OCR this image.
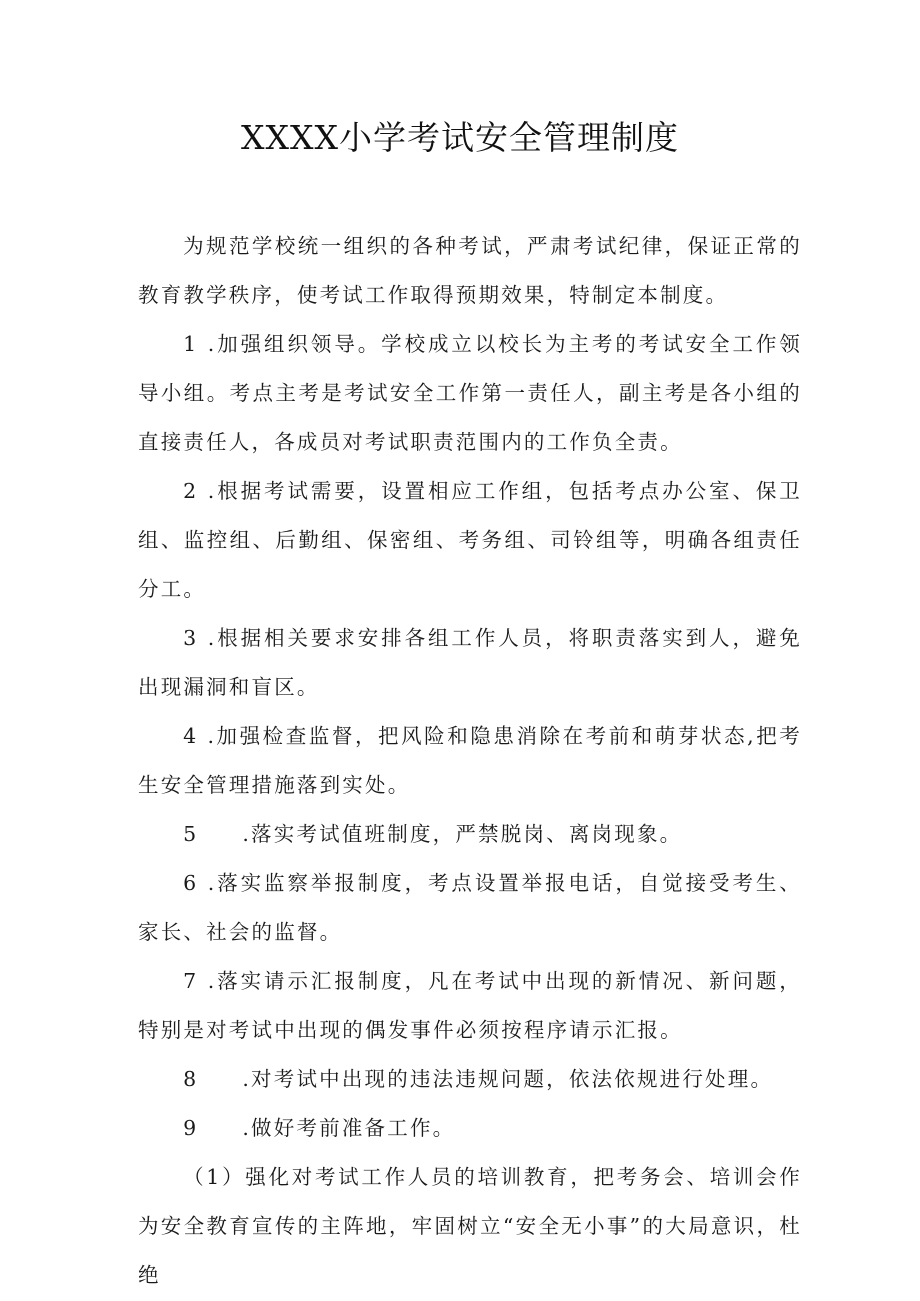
XXXX小学考试安全管理制度

为规范学校统一组织的各种考试，严肃考试纪律，保证正常的教育教学秩序，使考试工作取得预期效果，特制定本制度。

1 .加强组织领导。学校成立以校长为主考的考试安全工作领导小组。考点主考是考试安全工作第一责任人，副主考是各小组的直接责任人，各成员对考试职责范围内的工作负全责。

2 .根据考试需要，设置相应工作组，包括考点办公室、保卫组、监控组、后勤组、保密组、考务组、司铃组等，明确各组责任分工。

3 .根据相关要求安排各组工作人员，将职责落实到人，避免出现漏洞和盲区。

4 .加强检查监督，把风险和隐患消除在考前和萌芽状态,把考生安全管理措施落到实处。

5 .落实考试值班制度，严禁脱岗、离岗现象。

6 .落实监察举报制度，考点设置举报电话，自觉接受考生、家长、社会的监督。

7 .落实请示汇报制度，凡在考试中出现的新情况、新问题，特别是对考试中出现的偶发事件必须按程序请示汇报。

8 .对考试中出现的违法违规问题，依法依规进行处理。

9 .做好考前准备工作。

（1）强化对考试工作人员的培训教育，把考务会、培训会作为安全教育宣传的主阵地，牢固树立“安全无小事”的大局意识，杜绝
